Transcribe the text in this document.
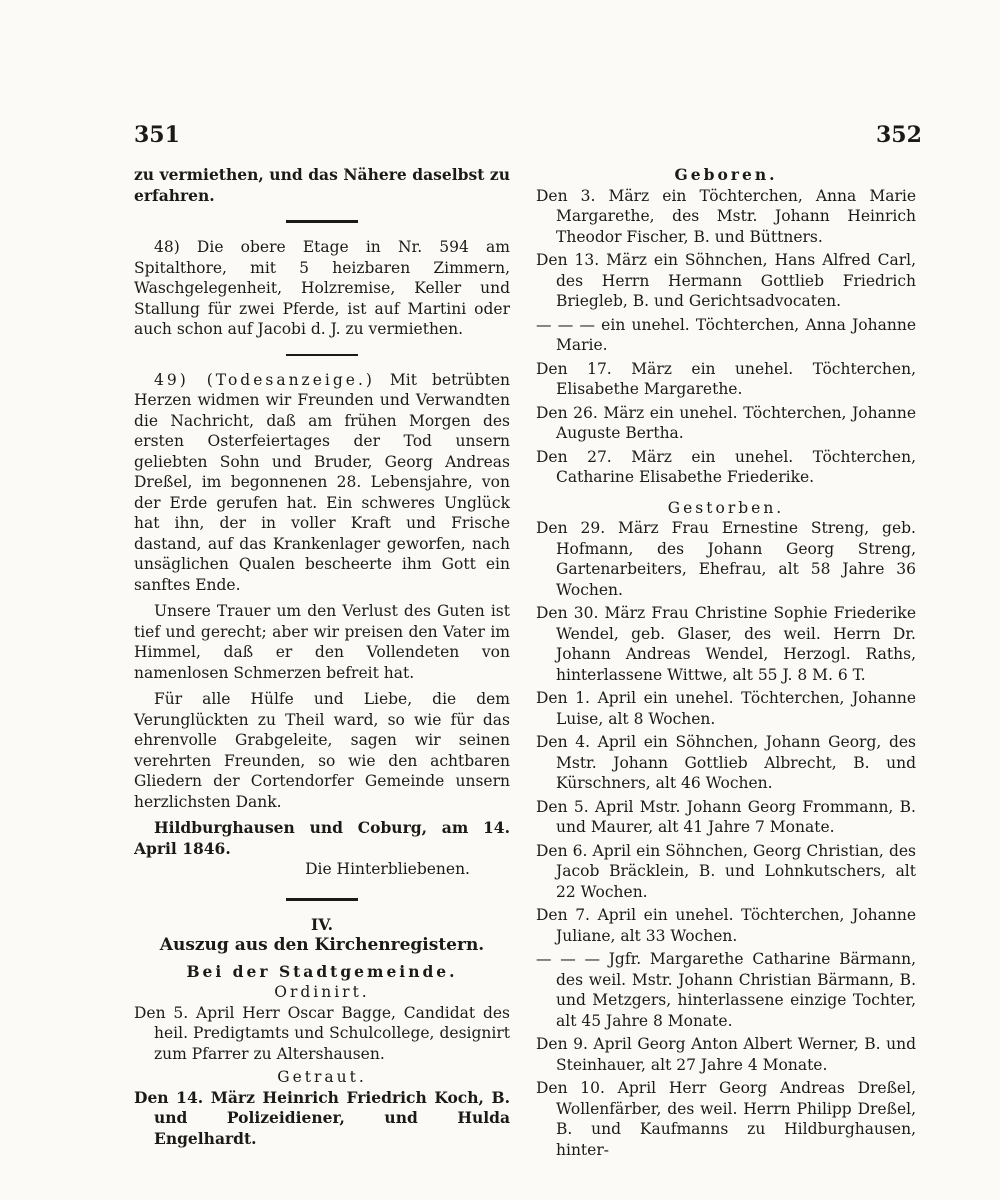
351	352

zu vermiethen, und das Nähere daselbst zu erfahren.

48) Die obere Etage in Nr. 594 am Spitalthore, mit 5 heizbaren Zimmern, Waschgelegenheit, Holzremise, Keller und Stallung für zwei Pferde, ist auf Martini oder auch schon auf Jacobi d. J. zu vermiethen.

49) (Todesanzeige.) Mit betrübten Herzen widmen wir Freunden und Verwandten die Nachricht, daß am frühen Morgen des ersten Osterfeiertages der Tod unsern geliebten Sohn und Bruder, Georg Andreas Dreßel, im begonnenen 28. Lebensjahre, von der Erde gerufen hat. Ein schweres Unglück hat ihn, der in voller Kraft und Frische dastand, auf das Krankenlager geworfen, nach unsäglichen Qualen bescheerte ihm Gott ein sanftes Ende.

Unsere Trauer um den Verlust des Guten ist tief und gerecht; aber wir preisen den Vater im Himmel, daß er den Vollendeten von namenlosen Schmerzen befreit hat.

Für alle Hülfe und Liebe, die dem Verunglückten zu Theil ward, so wie für das ehrenvolle Grabgeleite, sagen wir seinen verehrten Freunden, so wie den achtbaren Gliedern der Cortendorfer Gemeinde unsern herzlichsten Dank.

Hildburghausen und Coburg, am 14. April 1846.

Die Hinterbliebenen.

IV.

Auszug aus den Kirchenregistern.

Bei der Stadtgemeinde.

Ordinirt.

Den 5. April Herr Oscar Bagge, Candidat des heil. Predigtamts und Schulcollege, designirt zum Pfarrer zu Altershausen.

Getraut.

Den 14. März Heinrich Friedrich Koch, B. und Polizeidiener, und Hulda Engelhardt.

Geboren.

Den 3. März ein Töchterchen, Anna Marie Margarethe, des Mstr. Johann Heinrich Theodor Fischer, B. und Büttners.

Den 13. März ein Söhnchen, Hans Alfred Carl, des Herrn Hermann Gottlieb Friedrich Briegleb, B. und Gerichtsadvocaten.

— — — ein unehel. Töchterchen, Anna Johanne Marie.

Den 17. März ein unehel. Töchterchen, Elisabethe Margarethe.

Den 26. März ein unehel. Töchterchen, Johanne Auguste Bertha.

Den 27. März ein unehel. Töchterchen, Catharine Elisabethe Friederike.

Gestorben.

Den 29. März Frau Ernestine Streng, geb. Hofmann, des Johann Georg Streng, Gartenarbeiters, Ehefrau, alt 58 Jahre 36 Wochen.

Den 30. März Frau Christine Sophie Friederike Wendel, geb. Glaser, des weil. Herrn Dr. Johann Andreas Wendel, Herzogl. Raths, hinterlassene Wittwe, alt 55 J. 8 M. 6 T.

Den 1. April ein unehel. Töchterchen, Johanne Luise, alt 8 Wochen.

Den 4. April ein Söhnchen, Johann Georg, des Mstr. Johann Gottlieb Albrecht, B. und Kürschners, alt 46 Wochen.

Den 5. April Mstr. Johann Georg Frommann, B. und Maurer, alt 41 Jahre 7 Monate.

Den 6. April ein Söhnchen, Georg Christian, des Jacob Bräcklein, B. und Lohnkutschers, alt 22 Wochen.

Den 7. April ein unehel. Töchterchen, Johanne Juliane, alt 33 Wochen.

— — — Jgfr. Margarethe Catharine Bärmann, des weil. Mstr. Johann Christian Bärmann, B. und Metzgers, hinterlassene einzige Tochter, alt 45 Jahre 8 Monate.

Den 9. April Georg Anton Albert Werner, B. und Steinhauer, alt 27 Jahre 4 Monate.

Den 10. April Herr Georg Andreas Dreßel, Wollenfärber, des weil. Herrn Philipp Dreßel, B. und Kaufmanns zu Hildburghausen, hinter-
